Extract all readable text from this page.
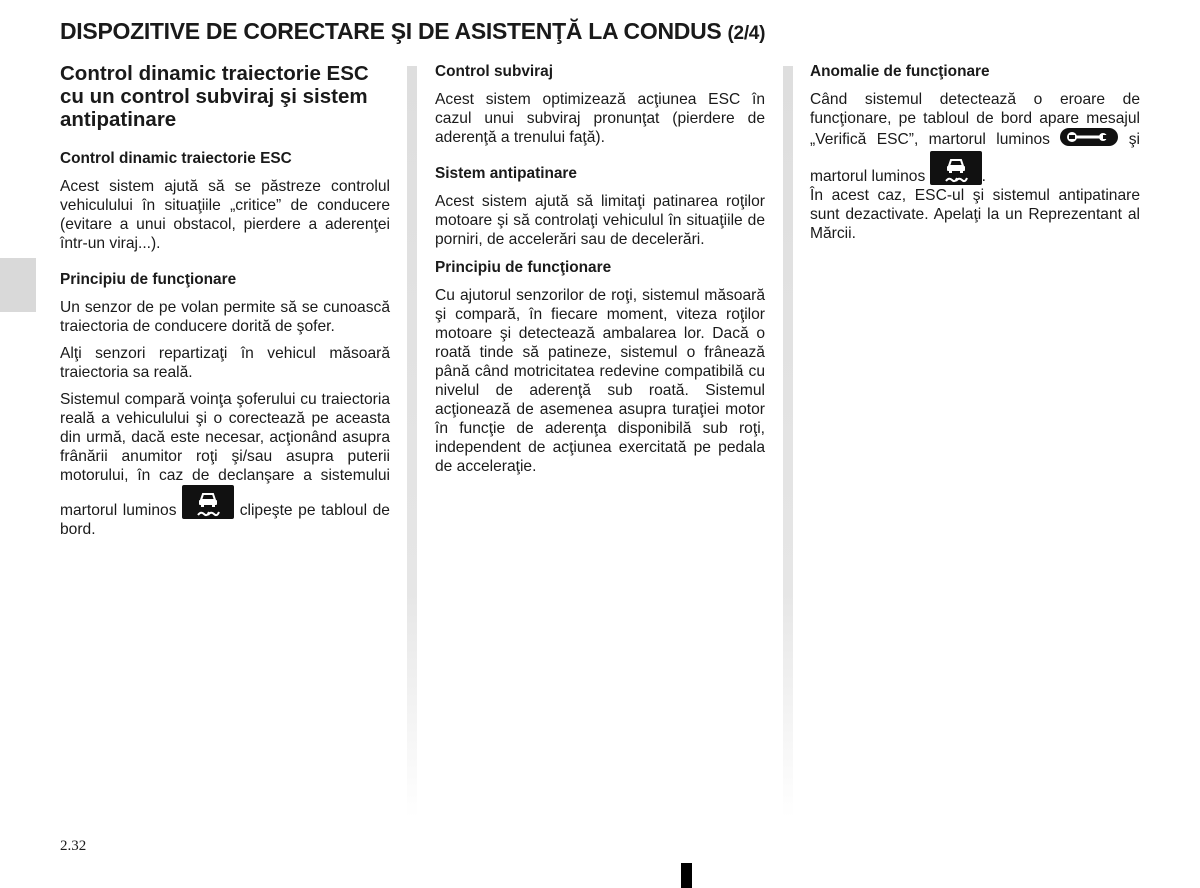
DISPOZITIVE DE CORECTARE ŞI DE ASISTENŢĂ LA CONDUS (2/4)

Control dinamic traiectorie ESC cu un control subviraj şi sistem antipatinare

Control dinamic traiectorie ESC

Acest sistem ajută să se păstreze controlul vehiculului în situaţiile „critice” de conducere (evitare a unui obstacol, pierdere a aderenţei într-un viraj...).

Principiu de funcţionare

Un senzor de pe volan permite să se cunoască traiectoria de conducere dorită de şofer.

Alţi senzori repartizaţi în vehicul măsoară traiectoria sa reală.

Sistemul compară voinţa şoferului cu traiectoria reală a vehiculului şi o corectează pe aceasta din urmă, dacă este necesar, acţionând asupra frânării anumitor roţi şi/sau asupra puterii motorului, în caz de declanşare a sistemului martorul luminos	clipeşte pe tabloul de bord.

Control subviraj

Acest sistem optimizează acţiunea ESC în cazul unui subviraj pronunţat (pierdere de aderenţă a trenului faţă).

Sistem antipatinare

Acest sistem ajută să limitaţi patinarea roţilor motoare şi să controlaţi vehiculul în situaţiile de porniri, de accelerări sau de decelerări.

Principiu de funcţionare

Cu ajutorul senzorilor de roţi, sistemul măsoară şi compară, în fiecare moment, viteza roţilor motoare şi detectează ambalarea lor. Dacă o roată tinde să patineze, sistemul o frânează până când motricitatea redevine compatibilă cu nivelul de aderenţă sub roată. Sistemul acţionează de asemenea asupra turaţiei motor în funcţie de aderenţa disponibilă sub roţi, independent de acţiunea exercitată pe pedala de acceleraţie.

Anomalie de funcţionare

Când sistemul detectează o eroare de funcţionare, pe tabloul de bord apare mesajul „Verifică ESC”, martorul luminos	şi martorul luminos	.

În acest caz, ESC-ul şi sistemul antipatinare sunt dezactivate. Apelaţi la un Reprezentant al Mărcii.

2.32
